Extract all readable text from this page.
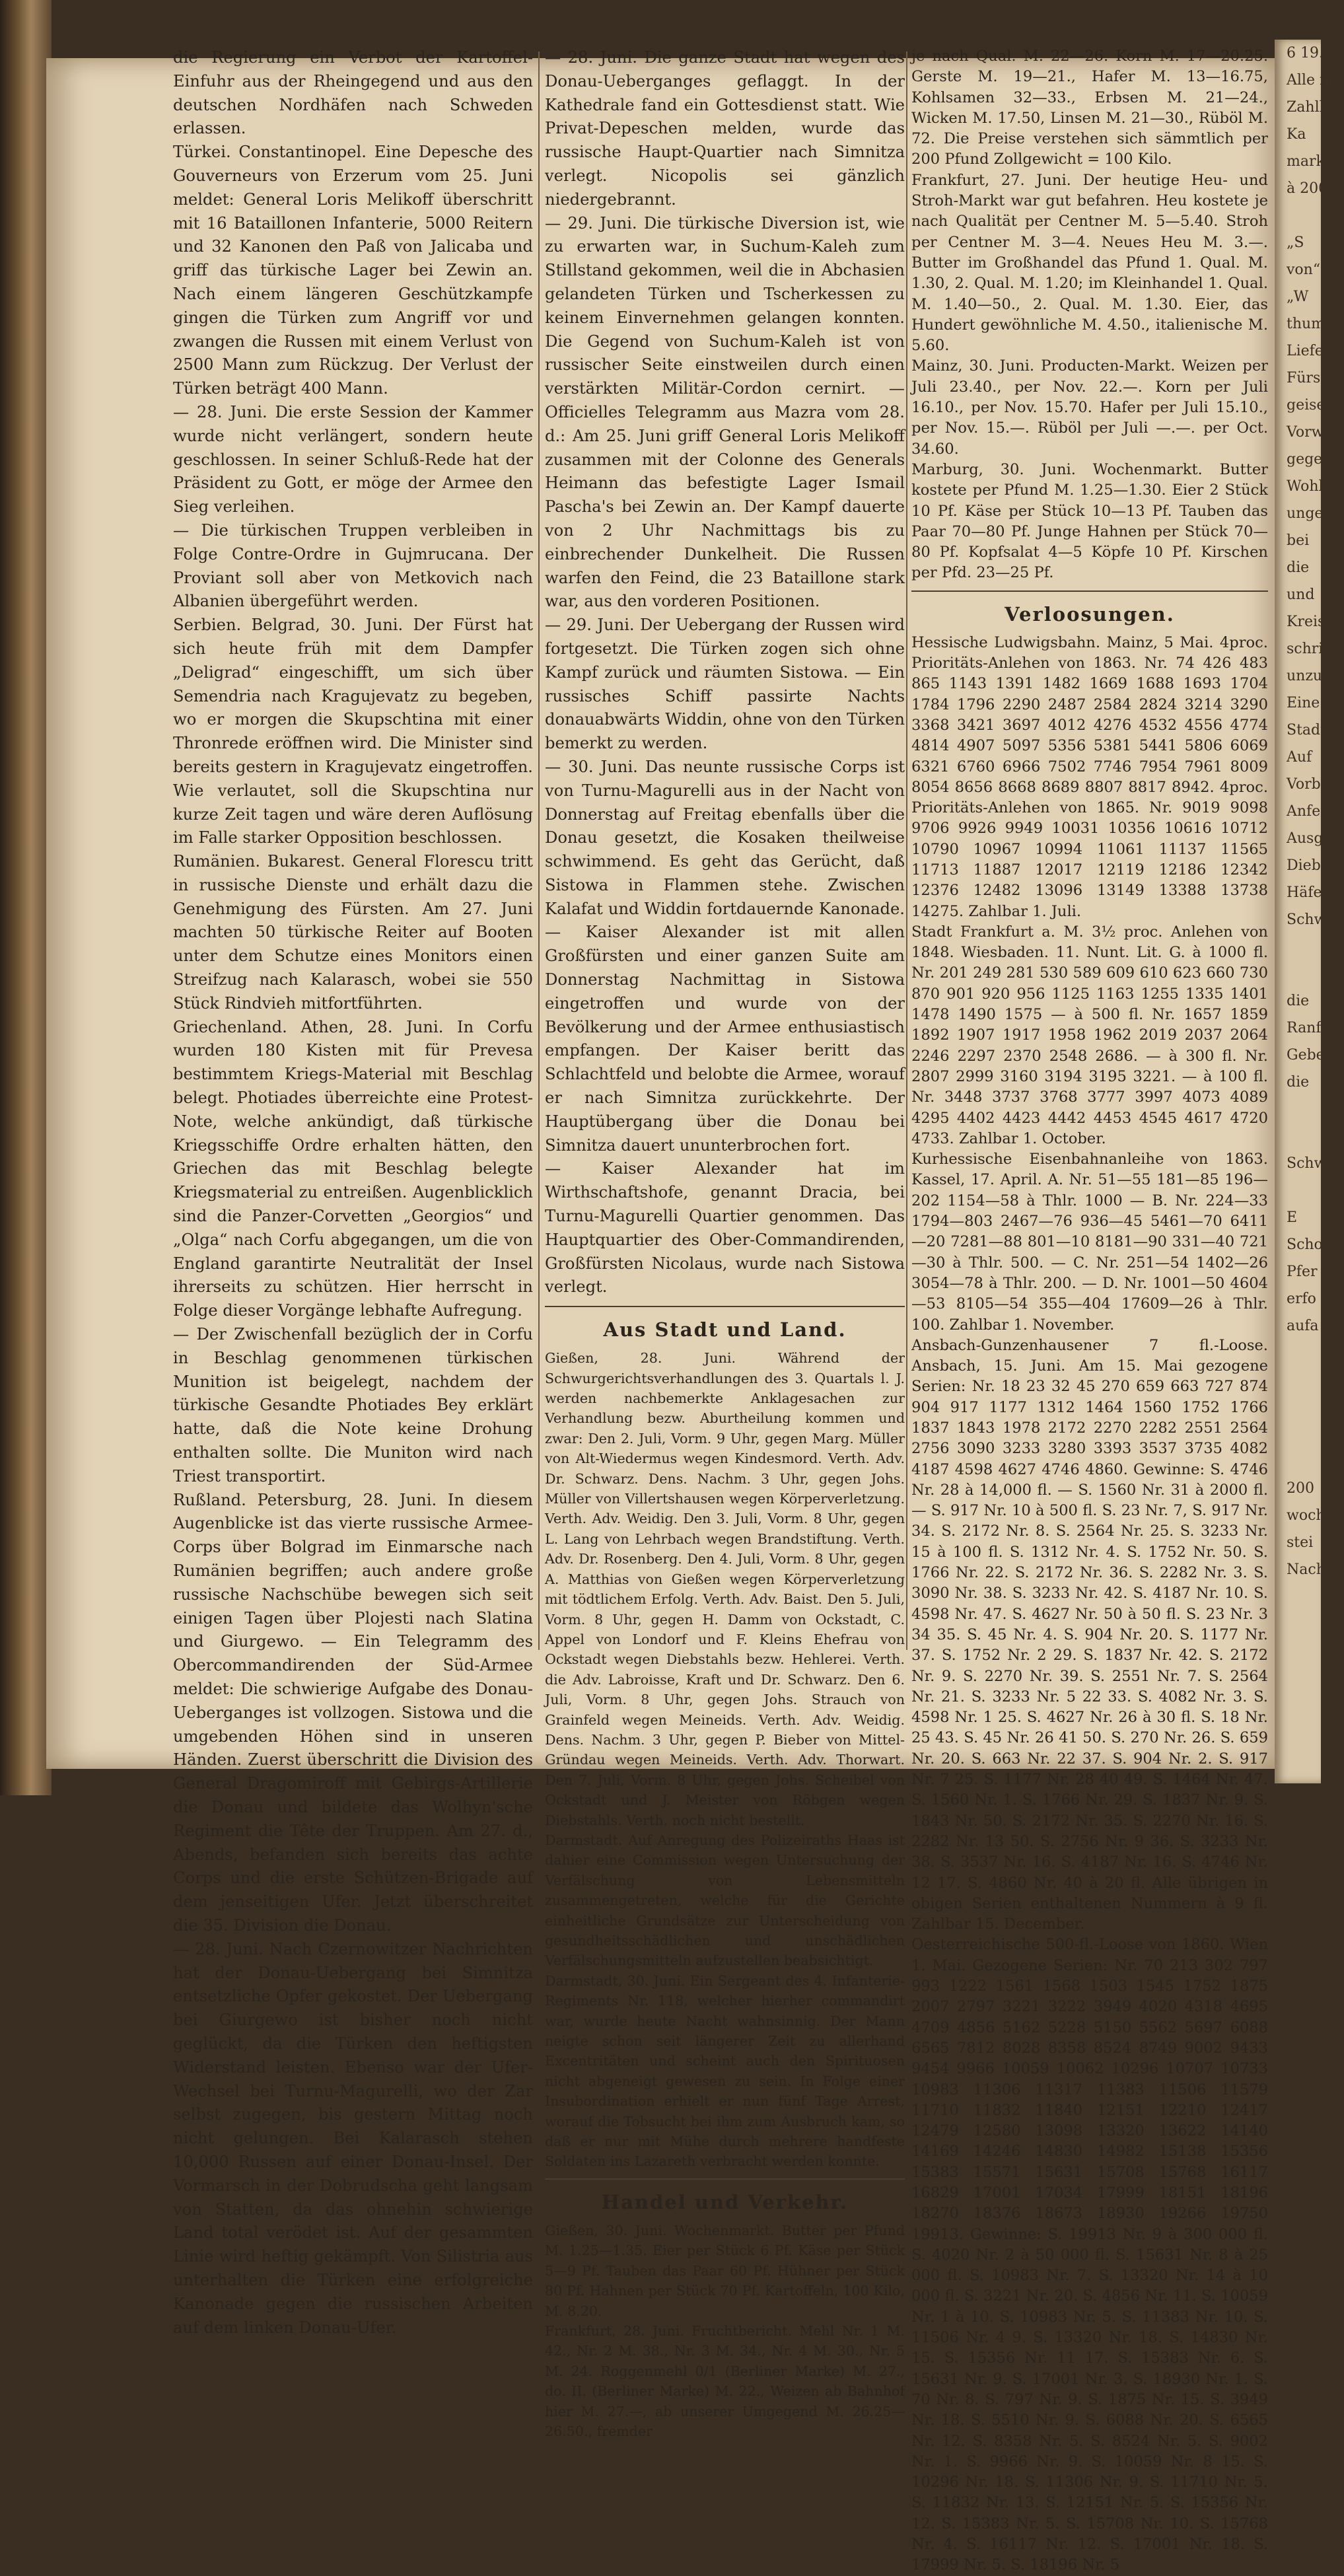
6 19.
Alle mi
Zahlbar
Ka
markt-
à 200 P

„S
von“
„W
thum
Liefe
Fürst
geisel
Vorwe
gegen
Wohl
unger
bei
die
und
Kreis
schri
unzu
Eine
Stadt
Auf
Vorb
Anfe
Ausge
Dieb
Häfe
Schw

die
Ranf
Gebe
die

Schwe

E
Schon
Pfer
erfo
aufa

200
woch
stei
Nach

die Regierung ein Verbot der Kartoffel-Einfuhr aus der Rheingegend und aus den deutschen Nordhäfen nach Schweden erlassen.

Türkei. Constantinopel. Eine Depesche des Gouverneurs von Erzerum vom 25. Juni meldet: General Loris Melikoff überschritt mit 16 Bataillonen Infanterie, 5000 Reitern und 32 Kanonen den Paß von Jalicaba und griff das türkische Lager bei Zewin an. Nach einem längeren Geschützkampfe gingen die Türken zum Angriff vor und zwangen die Russen mit einem Verlust von 2500 Mann zum Rückzug. Der Verlust der Türken beträgt 400 Mann.

— 28. Juni. Die erste Session der Kammer wurde nicht verlängert, sondern heute geschlossen. In seiner Schluß-Rede hat der Präsident zu Gott, er möge der Armee den Sieg verleihen.

— Die türkischen Truppen verbleiben in Folge Contre-Ordre in Gujmrucana. Der Proviant soll aber von Metkovich nach Albanien übergeführt werden.

Serbien. Belgrad, 30. Juni. Der Fürst hat sich heute früh mit dem Dampfer „Deligrad“ eingeschifft, um sich über Semendria nach Kragujevatz zu begeben, wo er morgen die Skupschtina mit einer Thronrede eröffnen wird. Die Minister sind bereits gestern in Kragujevatz eingetroffen. Wie verlautet, soll die Skupschtina nur kurze Zeit tagen und wäre deren Auflösung im Falle starker Opposition beschlossen.

Rumänien. Bukarest. General Florescu tritt in russische Dienste und erhält dazu die Genehmigung des Fürsten. Am 27. Juni machten 50 türkische Reiter auf Booten unter dem Schutze eines Monitors einen Streifzug nach Kalarasch, wobei sie 550 Stück Rindvieh mitfortführten.

Griechenland. Athen, 28. Juni. In Corfu wurden 180 Kisten mit für Prevesa bestimmtem Kriegs-Material mit Beschlag belegt. Photiades überreichte eine Protest-Note, welche ankündigt, daß türkische Kriegsschiffe Ordre erhalten hätten, den Griechen das mit Beschlag belegte Kriegsmaterial zu entreißen. Augenblicklich sind die Panzer-Corvetten „Georgios“ und „Olga“ nach Corfu abgegangen, um die von England garantirte Neutralität der Insel ihrerseits zu schützen. Hier herrscht in Folge dieser Vorgänge lebhafte Aufregung.

— Der Zwischenfall bezüglich der in Corfu in Beschlag genommenen türkischen Munition ist beigelegt, nachdem der türkische Gesandte Photiades Bey erklärt hatte, daß die Note keine Drohung enthalten sollte. Die Muniton wird nach Triest transportirt.

Rußland. Petersburg, 28. Juni. In diesem Augenblicke ist das vierte russische Armee-Corps über Bolgrad im Einmarsche nach Rumänien begriffen; auch andere große russische Nachschübe bewegen sich seit einigen Tagen über Plojesti nach Slatina und Giurgewo. — Ein Telegramm des Obercommandirenden der Süd-Armee meldet: Die schwierige Aufgabe des Donau-Ueberganges ist vollzogen. Sistowa und die umgebenden Höhen sind in unseren Händen. Zuerst überschritt die Division des General Dragomiroff mit Gebirgs-Artillerie die Donau und bildete das Wolhyn'sche Regiment die Tête der Truppen. Am 27. d., Abends, befanden sich bereits das achte Corps und die erste Schützen-Brigade auf dem jenseitigen Ufer. Jetzt überschreitet die 35. Division die Donau.

— 28. Juni. Nach Czernowitzer Nachrichten hat der Donau-Uebergang bei Simnitza entsetzliche Opfer gekostet. Der Uebergang bei Giurgewo ist bisher noch nicht geglückt, da die Türken den heftigsten Widerstand leisten. Ebenso war der Ufer-Wechsel bei Turnu-Magurelli, wo der Zar selbst zugegen, bis gestern Mittag noch nicht gelungen. Bei Kalarasch stehen 10,000 Russen auf einer Donau-Insel. Der Vormarsch in der Dobrudscha geht langsam von Statten, da das ohnehin schwierige Land total verödet ist. Auf der gesammten Linie wird heftig gekämpft. Von Silistria aus unterhalten die Türken eine erfolgreiche Kanonade gegen die russischen Arbeiten auf dem linken Donau-Ufer.

— 28. Juni. Die ganze Stadt hat wegen des Donau-Ueberganges geflaggt. In der Kathedrale fand ein Gottesdienst statt. Wie Privat-Depeschen melden, wurde das russische Haupt-Quartier nach Simnitza verlegt. Nicopolis sei gänzlich niedergebrannt.

— 29. Juni. Die türkische Diversion ist, wie zu erwarten war, in Suchum-Kaleh zum Stillstand gekommen, weil die in Abchasien gelandeten Türken und Tscherkessen zu keinem Einvernehmen gelangen konnten. Die Gegend von Suchum-Kaleh ist von russischer Seite einstweilen durch einen verstärkten Militär-Cordon cernirt. — Officielles Telegramm aus Mazra vom 28. d.: Am 25. Juni griff General Loris Melikoff zusammen mit der Colonne des Generals Heimann das befestigte Lager Ismail Pascha's bei Zewin an. Der Kampf dauerte von 2 Uhr Nachmittags bis zu einbrechender Dunkelheit. Die Russen warfen den Feind, die 23 Bataillone stark war, aus den vorderen Positionen.

— 29. Juni. Der Uebergang der Russen wird fortgesetzt. Die Türken zogen sich ohne Kampf zurück und räumten Sistowa. — Ein russisches Schiff passirte Nachts donauabwärts Widdin, ohne von den Türken bemerkt zu werden.

— 30. Juni. Das neunte russische Corps ist von Turnu-Magurelli aus in der Nacht von Donnerstag auf Freitag ebenfalls über die Donau gesetzt, die Kosaken theilweise schwimmend. Es geht das Gerücht, daß Sistowa in Flammen stehe. Zwischen Kalafat und Widdin fortdauernde Kanonade. — Kaiser Alexander ist mit allen Großfürsten und einer ganzen Suite am Donnerstag Nachmittag in Sistowa eingetroffen und wurde von der Bevölkerung und der Armee enthusiastisch empfangen. Der Kaiser beritt das Schlachtfeld und belobte die Armee, worauf er nach Simnitza zurückkehrte. Der Hauptübergang über die Donau bei Simnitza dauert ununterbrochen fort.

— Kaiser Alexander hat im Wirthschaftshofe, genannt Dracia, bei Turnu-Magurelli Quartier genommen. Das Hauptquartier des Ober-Commandirenden, Großfürsten Nicolaus, wurde nach Sistowa verlegt.

Aus Stadt und Land.

Gießen, 28. Juni. Während der Schwurgerichtsverhandlungen des 3. Quartals l. J. werden nachbemerkte Anklagesachen zur Verhandlung bezw. Aburtheilung kommen und zwar: Den 2. Juli, Vorm. 9 Uhr, gegen Marg. Müller von Alt-Wiedermus wegen Kindesmord. Verth. Adv. Dr. Schwarz. Dens. Nachm. 3 Uhr, gegen Johs. Müller von Villertshausen wegen Körperverletzung. Verth. Adv. Weidig. Den 3. Juli, Vorm. 8 Uhr, gegen L. Lang von Lehrbach wegen Brandstiftung. Verth. Adv. Dr. Rosenberg. Den 4. Juli, Vorm. 8 Uhr, gegen A. Matthias von Gießen wegen Körperverletzung mit tödtlichem Erfolg. Verth. Adv. Baist. Den 5. Juli, Vorm. 8 Uhr, gegen H. Damm von Ockstadt, C. Appel von Londorf und F. Kleins Ehefrau von Ockstadt wegen Diebstahls bezw. Hehlerei. Verth. die Adv. Labroisse, Kraft und Dr. Schwarz. Den 6. Juli, Vorm. 8 Uhr, gegen Johs. Strauch von Grainfeld wegen Meineids. Verth. Adv. Weidig. Dens. Nachm. 3 Uhr, gegen P. Bieber von Mittel-Gründau wegen Meineids. Verth. Adv. Thorwart. Den 7. Juli, Vorm. 8 Uhr, gegen Johs. Scheibel von Ockstadt und J. Meister von Röbgen wegen Diebstahls. Verth. noch nicht bestellt.

Darmstadt. Auf Anregung des Polizeiraths Haas ist dahier eine Commission wegen Untersuchung der Verfälschung von Lebensmitteln zusammengetreten, welche für die Gerichte einheitliche Grundsätze zur Unterscheidung von gesundheitsschädlichen und unschädlichen Verfälschungsmitteln aufzustellen beabsichtigt.

Darmstadt, 30. Juni. Ein Sergeant des 4. Infanterie-Regiments Nr. 118, welcher hierher commandirt war, wurde heute Nacht wahnsinnig. Der Mann neigte schon seit längerer Zeit zu allerhand Excentritäten und scheint auch den Spirituosen nicht abgeneigt gewesen zu sein. In Folge einer Insubordination erhielt er nun fünf Tage Arrest, worauf die Tobsucht bei ihm zum Ausbruch kam, so daß er nur mit Mühe durch mehrere handfeste Soldaten ins Lazareth verbracht werden konnte.

Handel und Verkehr.

Gießen, 30. Juni. Wochenmarkt. Butter per Pfund M. 1.25—1.35. Eier per Stück 6 Pf. Käse per Stück 5—9 Pf. Tauben das Paar 60 Pf. Hühner per Stück 80 Pf. Hahnen per Stück 70 Pf. Kartoffeln, 100 Kilo, M. 8.20.

Frankfurt, 28. Juni. Fruchtbericht. Mehl Nr. 1 M. 42., Nr. 2 M. 38., Nr. 3 M. 34., Nr. 4 M. 30., Nr. 5 M. 24. Roggenmehl 0/1 (Berliner Marke) M. 27., do. II. (Berliner Marke) M. 22., Weizen ab Bahnhof hier M. 27.—, ab unserer Umgegend M. 26.25—26.50., fremder

je nach Qual. M. 22—26. Korn M. 17—20.25. Gerste M. 19—21., Hafer M. 13—16.75, Kohlsamen 32—33., Erbsen M. 21—24., Wicken M. 17.50, Linsen M. 21—30., Rüböl M. 72. Die Preise verstehen sich sämmtlich per 200 Pfund Zollgewicht = 100 Kilo.

Frankfurt, 27. Juni. Der heutige Heu- und Stroh-Markt war gut befahren. Heu kostete je nach Qualität per Centner M. 5—5.40. Stroh per Centner M. 3—4. Neues Heu M. 3.—. Butter im Großhandel das Pfund 1. Qual. M. 1.30, 2. Qual. M. 1.20; im Kleinhandel 1. Qual. M. 1.40—50., 2. Qual. M. 1.30. Eier, das Hundert gewöhnliche M. 4.50., italienische M. 5.60.

Mainz, 30. Juni. Producten-Markt. Weizen per Juli 23.40., per Nov. 22.—. Korn per Juli 16.10., per Nov. 15.70. Hafer per Juli 15.10., per Nov. 15.—. Rüböl per Juli —.—. per Oct. 34.60.

Marburg, 30. Juni. Wochenmarkt. Butter kostete per Pfund M. 1.25—1.30. Eier 2 Stück 10 Pf. Käse per Stück 10—13 Pf. Tauben das Paar 70—80 Pf. Junge Hahnen per Stück 70—80 Pf. Kopfsalat 4—5 Köpfe 10 Pf. Kirschen per Pfd. 23—25 Pf.

Verloosungen.

Hessische Ludwigsbahn. Mainz, 5 Mai. 4proc. Prioritäts-Anlehen von 1863. Nr. 74 426 483 865 1143 1391 1482 1669 1688 1693 1704 1784 1796 2290 2487 2584 2824 3214 3290 3368 3421 3697 4012 4276 4532 4556 4774 4814 4907 5097 5356 5381 5441 5806 6069 6321 6760 6966 7502 7746 7954 7961 8009 8054 8656 8668 8689 8807 8817 8942. 4proc. Prioritäts-Anlehen von 1865. Nr. 9019 9098 9706 9926 9949 10031 10356 10616 10712 10790 10967 10994 11061 11137 11565 11713 11887 12017 12119 12186 12342 12376 12482 13096 13149 13388 13738 14275. Zahlbar 1. Juli.

Stadt Frankfurt a. M. 3½ proc. Anlehen von 1848. Wiesbaden. 11. Nunt. Lit. G. à 1000 fl. Nr. 201 249 281 530 589 609 610 623 660 730 870 901 920 956 1125 1163 1255 1335 1401 1478 1490 1575 — à 500 fl. Nr. 1657 1859 1892 1907 1917 1958 1962 2019 2037 2064 2246 2297 2370 2548 2686. — à 300 fl. Nr. 2807 2999 3160 3194 3195 3221. — à 100 fl. Nr. 3448 3737 3768 3777 3997 4073 4089 4295 4402 4423 4442 4453 4545 4617 4720 4733. Zahlbar 1. October.

Kurhessische Eisenbahnanleihe von 1863. Kassel, 17. April. A. Nr. 51—55 181—85 196—202 1154—58 à Thlr. 1000 — B. Nr. 224—33 1794—803 2467—76 936—45 5461—70 6411—20 7281—88 801—10 8181—90 331—40 721—30 à Thlr. 500. — C. Nr. 251—54 1402—26 3054—78 à Thlr. 200. — D. Nr. 1001—50 4604—53 8105—54 355—404 17609—26 à Thlr. 100. Zahlbar 1. November.

Ansbach-Gunzenhausener 7 fl.-Loose. Ansbach, 15. Juni. Am 15. Mai gezogene Serien: Nr. 18 23 32 45 270 659 663 727 874 904 917 1177 1312 1464 1560 1752 1766 1837 1843 1978 2172 2270 2282 2551 2564 2756 3090 3233 3280 3393 3537 3735 4082 4187 4598 4627 4746 4860. Gewinne: S. 4746 Nr. 28 à 14,000 fl. — S. 1560 Nr. 31 à 2000 fl. — S. 917 Nr. 10 à 500 fl. S. 23 Nr. 7, S. 917 Nr. 34. S. 2172 Nr. 8. S. 2564 Nr. 25. S. 3233 Nr. 15 à 100 fl. S. 1312 Nr. 4. S. 1752 Nr. 50. S. 1766 Nr. 22. S. 2172 Nr. 36. S. 2282 Nr. 3. S. 3090 Nr. 38. S. 3233 Nr. 42. S. 4187 Nr. 10. S. 4598 Nr. 47. S. 4627 Nr. 50 à 50 fl. S. 23 Nr. 3 34 35. S. 45 Nr. 4. S. 904 Nr. 20. S. 1177 Nr. 37. S. 1752 Nr. 2 29. S. 1837 Nr. 42. S. 2172 Nr. 9. S. 2270 Nr. 39. S. 2551 Nr. 7. S. 2564 Nr. 21. S. 3233 Nr. 5 22 33. S. 4082 Nr. 3. S. 4598 Nr. 1 25. S. 4627 Nr. 26 à 30 fl. S. 18 Nr. 25 43. S. 45 Nr. 26 41 50. S. 270 Nr. 26. S. 659 Nr. 20. S. 663 Nr. 22 37. S. 904 Nr. 2. S. 917 Nr. 7 25. S. 1177 Nr. 28 40 49. S. 1464 Nr. 47. S. 1560 Nr. 1. S. 1766 Nr. 29. S. 1837 Nr. 9. S. 1843 Nr. 50. S. 2172 Nr. 35. S. 2270 Nr. 16. S. 2282 Nr. 13 50. S. 2756 Nr. 9 36. S. 3233 Nr. 38. S. 3537 Nr. 16. S. 4187 Nr. 16. S. 4746 Nr. 12 17. S. 4860 Nr. 40 à 20 fl. Alle übrigen in obigen Serien enthaltenen Nummern à 9 fl. Zahlbar 15. December.

Oesterreichische 500-fl.-Loose von 1860. Wien 1. Mai. Gezogene Serien: Nr. 70 213 302 797 993 1222 1561 1568 1503 1545 1752 1875 2007 2797 3221 3222 3949 4020 4318 4695 4709 4856 5162 5228 5150 5562 5697 6088 6565 7812 8028 8358 8524 8749 9002 9433 9454 9966 10059 10062 10296 10707 10733 10983 11306 11317 11383 11506 11579 11710 11832 11840 12151 12210 12417 12479 12580 13098 13320 13622 14140 14169 14246 14830 14982 15138 15356 15383 15571 15631 15708 15768 16117 16829 17001 17034 17999 18151 18196 18270 18376 18673 18930 19266 19750 19913. Gewinne: S. 19913 Nr. 9 à 300 000 fl. S. 4020 Nr. 2 à 50 000 fl. S. 15631 Nr. 8 à 25 000 fl. S. 10983 Nr. 7. S. 13320 Nr. 14 à 10 000 fl. S. 3221 Nr. 20. S. 4856 Nr. 11. S. 10059 Nr. 1 à 10. S. 10983 Nr. 5. S. 11383 Nr. 10. S. 11506 Nr. 4 9. S. 13320 Nr. 18. S. 14830 Nr. 15. S. 15356 Nr. 11 17. S. 15383 Nr. 6. S. 15631 Nr. 9. S. 17001 Nr. 3. S. 18930 Nr. 1. S. 70 Nr. 8. S. 797 Nr. 9. S. 1875 Nr. 15. S. 3949 Nr. 18. S. 5510 Nr. 9. S. 6088 Nr. 20. S. 6565 Nr. 12. S. 8358 Nr. 5. S. 8524 Nr. 5. S. 9002 Nr. 1. S. 9966 Nr. 9. S. 10059 Nr. 8 15. S. 10296 Nr. 18. S. 11306 Nr. 9. S. 11710 Nr. 5. S. 11832 Nr. 13. S. 12151 Nr. 5. S. 15356 Nr. 12. S. 15383 Nr. 5. S. 15708 Nr. 10. S. 15768 Nr. 4. S. 16117 Nr. 12. S. 17001 Nr. 18. S. 17999 Nr. 5. S. 18196 Nr. 5
